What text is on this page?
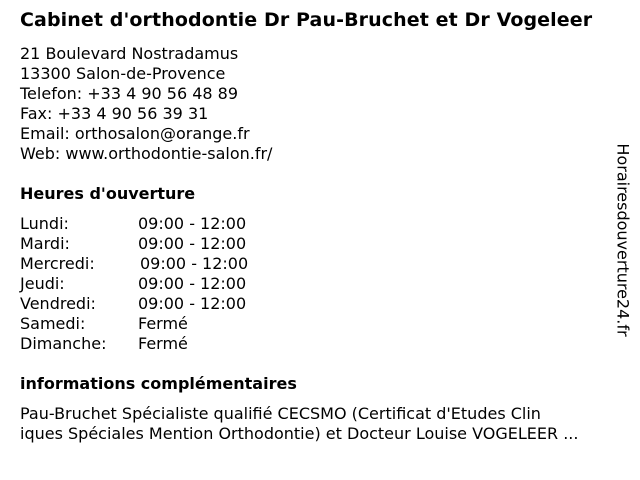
Cabinet d'orthodontie Dr Pau-Bruchet et Dr Vogeleer
21 Boulevard Nostradamus
13300 Salon-de-Provence
Telefon: +33 4 90 56 48 89
Fax: +33 4 90 56 39 31
Email: orthosalon@orange.fr
Web: www.orthodontie-salon.fr/
Heures d'ouverture
Lundi:	09:00 - 12:00
Mardi:	09:00 - 12:00
Mercredi:	09:00 - 12:00
Jeudi:	09:00 - 12:00
Vendredi:	09:00 - 12:00
Samedi:	Fermé
Dimanche:	Fermé
informations complémentaires
Pau-Bruchet Spécialiste qualifié CECSMO (Certificat d'Etudes Clin
iques Spéciales Mention Orthodontie) et Docteur Louise VOGELEER ...
Horairesdouverture24.fr
